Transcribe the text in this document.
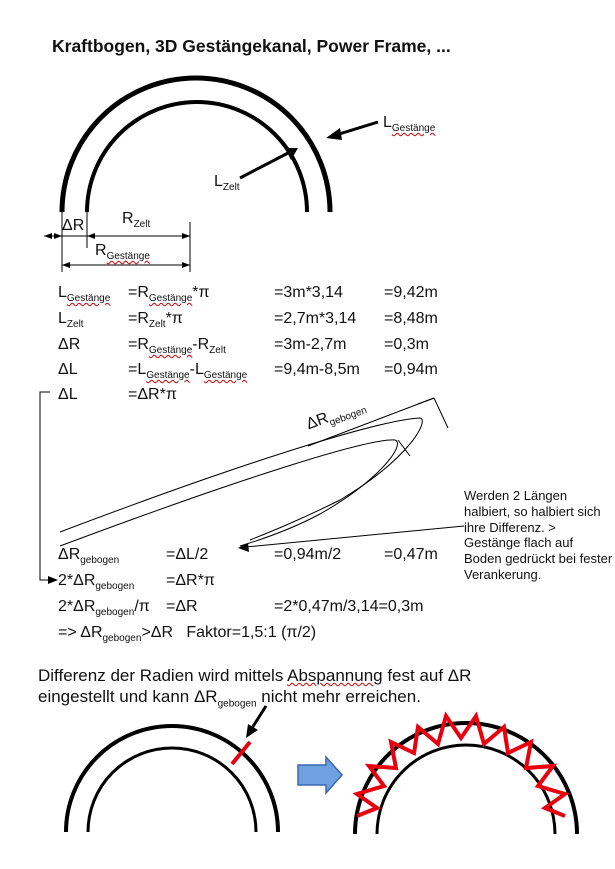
Kraftbogen, 3D Gestängekanal, Power Frame, ...
$L_{Gestänge}$
$L_{Zelt}$
ΔR $R_{Zelt}$
$R_{Gestänge}$
$L_{Gestänge} =R_{Gestänge}*\pi$	=3m*3,14	=9,42m
$L_{Zelt}$	$=R_{Zelt}*\pi$	=2,7m*3,14 =8,48m
ΔR	$=R_{Gestänge}-R_{Zelt}$	=3m-2,7m =0,3m
ΔL	$=L_{Gestänge}-L_{Gestänge} =9,4m-8,5m =0,94m$
ΔL	=ΔR*π
$\Delta R_{gebogen}$
$\Delta R_{gebogen}$	=ΔL/2	=0,94m/2	=0,47m
$2*\Delta R_{gebogen} =\Delta R*\pi$
$2*\Delta R_{gebogen}/\pi =\Delta R$	=2*0,47m/3,14=0,3m
=> $\Delta R_{gebogen}>\Delta R$ Faktor=1,5:1 (π/2)
Werden 2 Längen halbiert, so halbiert sich ihre Differenz. > Gestänge flach auf Boden gedrückt bei fester Verankerung.
Differenz der Radien wird mittels Abspannung fest auf ΔR
eingestellt und kann $\Delta R_{gebogen}$ nicht mehr erreichen.
